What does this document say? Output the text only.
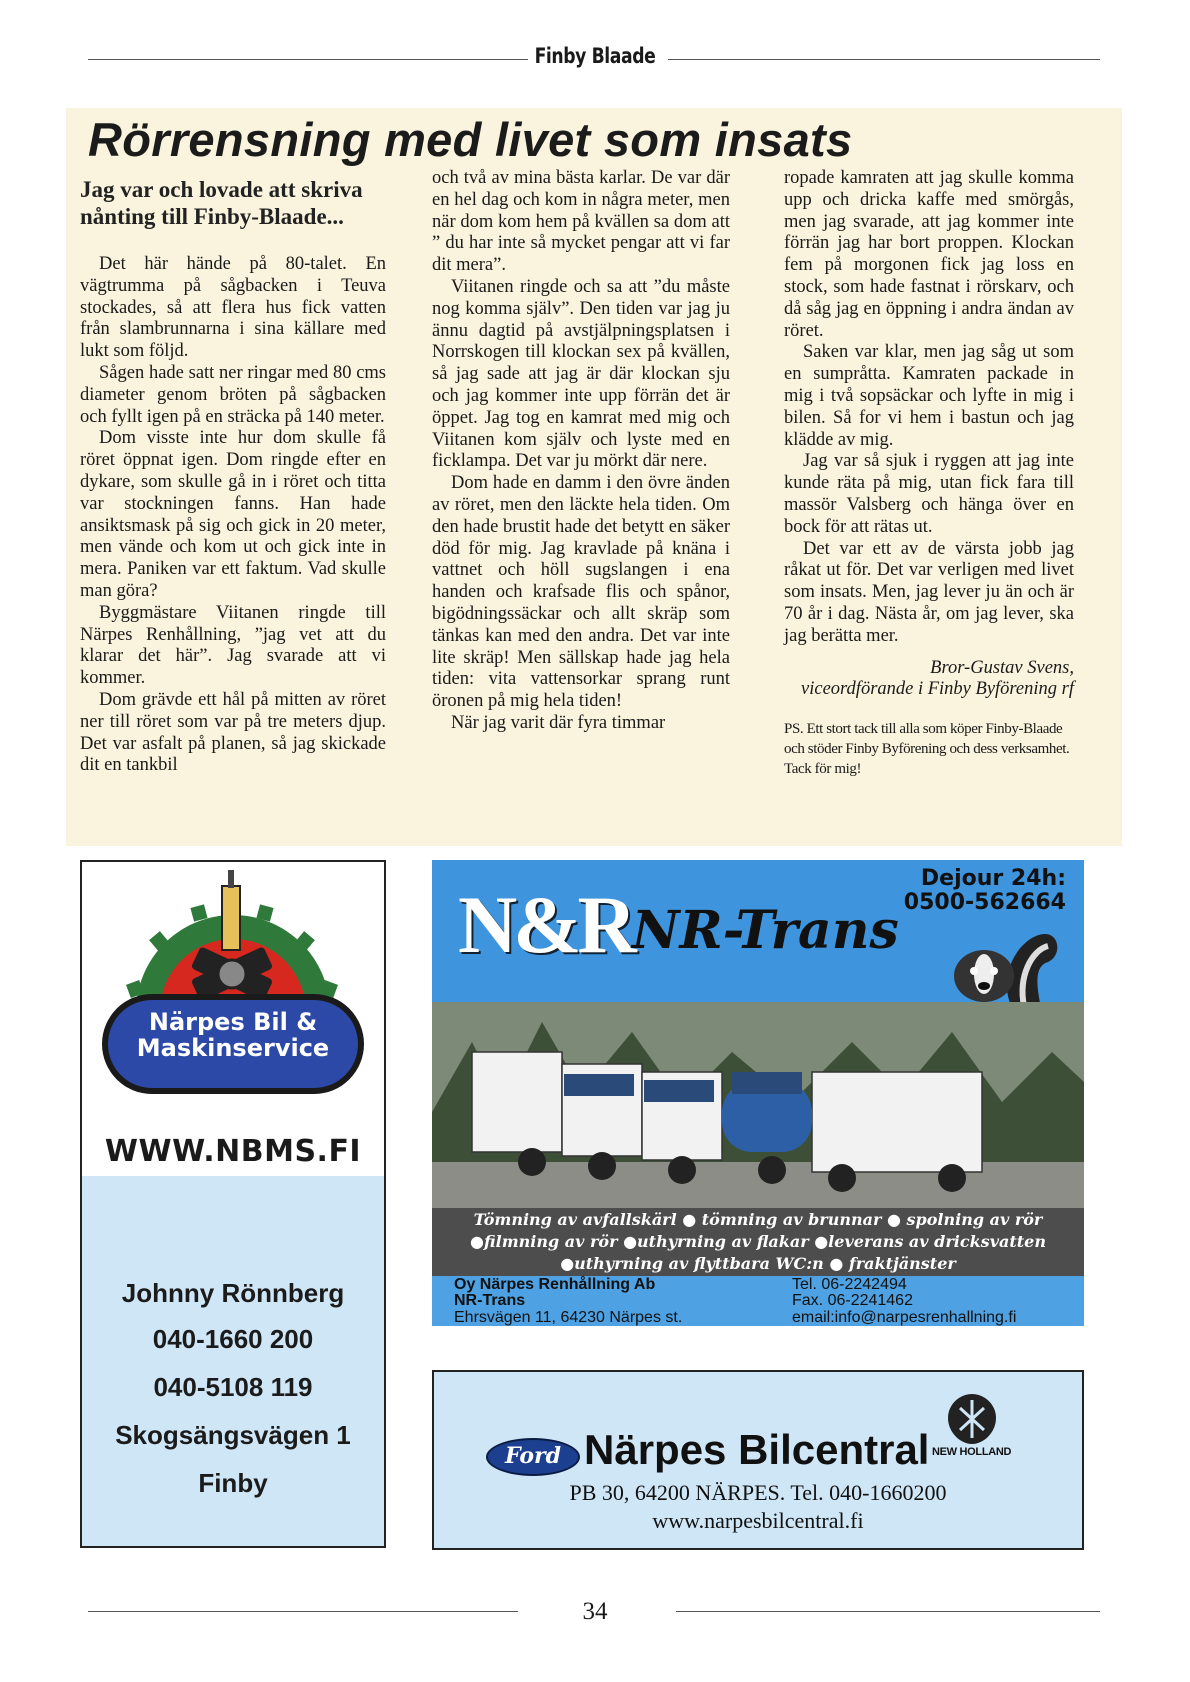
Finby Blaade
Rörrensning med livet som insats
Jag var och lovade att skriva nånting till Finby-Blaade...

Det här hände på 80-talet. En vägtrumma på sågbacken i Teuva stockades, så att flera hus fick vatten från slambrunnarna i sina källare med lukt som följd.

Sågen hade satt ner ringar med 80 cms diameter genom bröten på sågbacken och fyllt igen på en sträcka på 140 meter.

Dom visste inte hur dom skulle få röret öppnat igen. Dom ringde efter en dykare, som skulle gå in i röret och titta var stockningen fanns. Han hade ansiktsmask på sig och gick in 20 meter, men vände och kom ut och gick inte in mera. Paniken var ett faktum. Vad skulle man göra?

Byggmästare Viitanen ringde till Närpes Renhållning, ”jag vet att du klarar det här”. Jag svarade att vi kommer.

Dom grävde ett hål på mitten av röret ner till röret som var på tre meters djup. Det var asfalt på planen, så jag skickade dit en tankbil

och två av mina bästa karlar. De var där en hel dag och kom in några meter, men när dom kom hem på kvällen sa dom att ” du har inte så mycket pengar att vi far dit mera”.

Viitanen ringde och sa att ”du måste nog komma själv”. Den tiden var jag ju ännu dagtid på avstjälpningsplatsen i Norrskogen till klockan sex på kvällen, så jag sade att jag är där klockan sju och jag kommer inte upp förrän det är öppet. Jag tog en kamrat med mig och Viitanen kom själv och lyste med en ficklampa. Det var ju mörkt där nere.

Dom hade en damm i den övre änden av röret, men den läckte hela tiden. Om den hade brustit hade det betytt en säker död för mig. Jag kravlade på knäna i vattnet och höll sugslangen i ena handen och krafsade flis och spånor, bigödningssäckar och allt skräp som tänkas kan med den andra. Det var inte lite skräp! Men sällskap hade jag hela tiden: vita vattensorkar sprang runt öronen på mig hela tiden!

När jag varit där fyra timmar

ropade kamraten att jag skulle komma upp och dricka kaffe med smörgås, men jag svarade, att jag kommer inte förrän jag har bort proppen. Klockan fem på morgonen fick jag loss en stock, som hade fastnat i rörskarv, och då såg jag en öppning i andra ändan av röret.

Saken var klar, men jag såg ut som en sumpråtta. Kamraten packade in mig i två sopsäckar och lyfte in mig i bilen. Så for vi hem i bastun och jag klädde av mig.

Jag var så sjuk i ryggen att jag inte kunde räta på mig, utan fick fara till massör Valsberg och hänga över en bock för att rätas ut.

Det var ett av de värsta jobb jag råkat ut för. Det var verligen med livet som insats. Men, jag lever ju än och är 70 år i dag. Nästa år, om jag lever, ska jag berätta mer.

Bror-Gustav Svens,
viceordförande i Finby Byförening rf
PS. Ett stort tack till alla som köper Finby-Blaade och stöder Finby Byförening och dess verksamhet. Tack för mig!
Närpes Bil &
Maskinservice
WWW.NBMS.FI
Johnny Rönnberg
040-1660 200
040-5108 119
Skogsängsvägen 1
Finby
N&R NR-Trans
Dejour 24h:
0500-562664
Tömning av avfallskärl ● tömning av brunnar ● spolning av rör
●filmning av rör ●uthyrning av flakar ●leverans av dricksvatten
●uthyrning av flyttbara WC:n ● fraktjänster
Oy Närpes Renhållning Ab
NR-Trans
Ehrsvägen 11, 64230 Närpes st.
Tel. 06-2242494
Fax. 06-2241462
email:info@narpesrenhallning.fi
Ford Närpes Bilcentral NEW HOLLAND
PB 30, 64200 NÄRPES. Tel. 040-1660200
www.narpesbilcentral.fi
34
